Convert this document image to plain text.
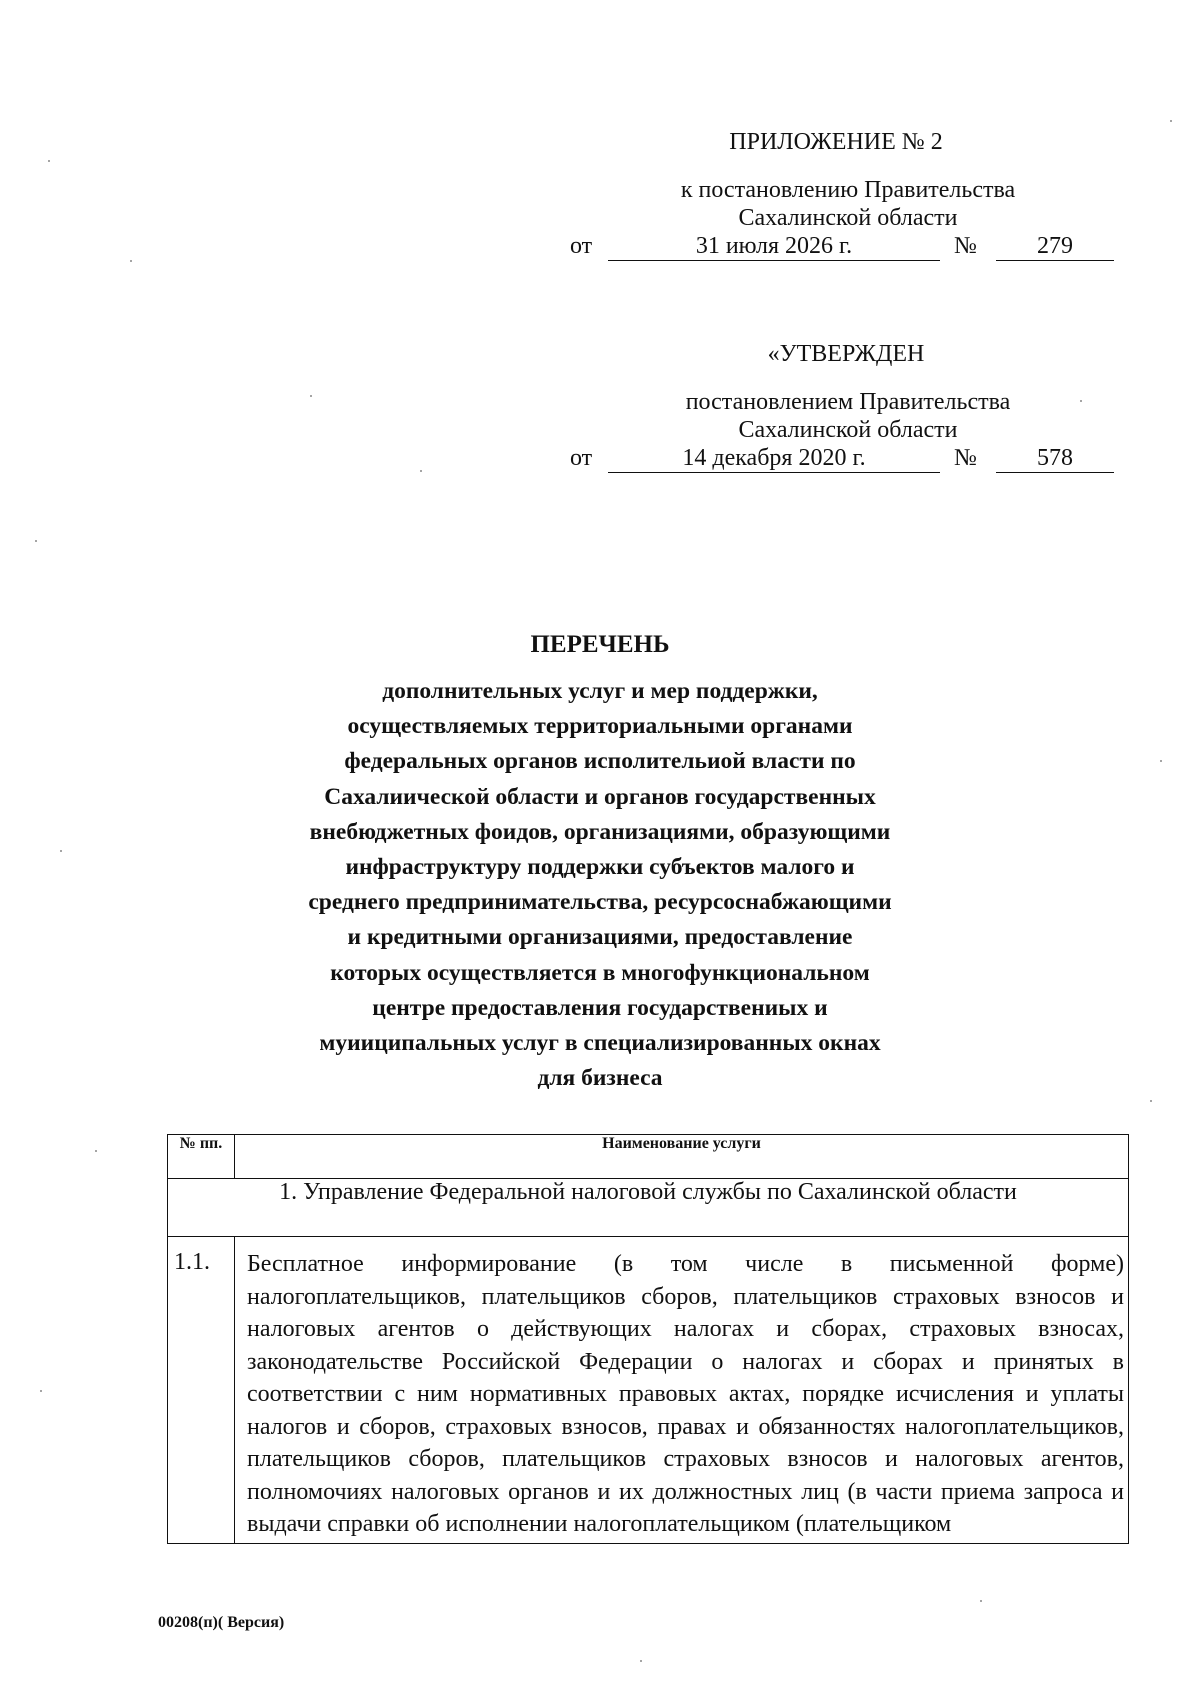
ПРИЛОЖЕНИЕ № 2
к постановлению Правительства
Сахалинской области
от	31 июля 2026 г.	№	279
«УТВЕРЖДЕН
постановлением Правительства
Сахалинской области
от	14 декабря 2020 г.	№	578
ПЕРЕЧЕНЬ
дополнительных услуг и мер поддержки,
осуществляемых территориальными органами
федеральных органов исполительиой власти по
Сахалиической области и органов государственных
внебюджетных фоидов, организациями, образующими
инфраструктуру поддержки субъектов малого и
среднего предпринимательства, ресурсоснабжающими
и кредитными организациями, предоставление
которых осуществляется в многофункциональном
центре предоставления государствениых и
муииципальных услуг в специализированных окнах
для бизнеса
№ пп.	Наименование услуги
1. Управление Федеральной налоговой службы по Сахалинской области	
1.1.	Бесплатное информирование (в том числе в письменной форме) налогоплательщиков, плательщиков сборов, плательщиков страховых взносов и налоговых агентов о действующих налогах и сборах, страховых взносах, законодательстве Российской Федерации о налогах и сборах и принятых в соответствии с ним нормативных правовых актах, порядке исчисления и уплаты налогов и сборов, страховых взносов, правах и обязанностях налогоплательщиков, плательщиков сборов, плательщиков страховых взносов и налоговых агентов, полномочиях налоговых органов и их должностных лиц (в части приема запроса и выдачи справки об исполнении налогоплательщиком (плательщиком
00208(п)( Версия)
